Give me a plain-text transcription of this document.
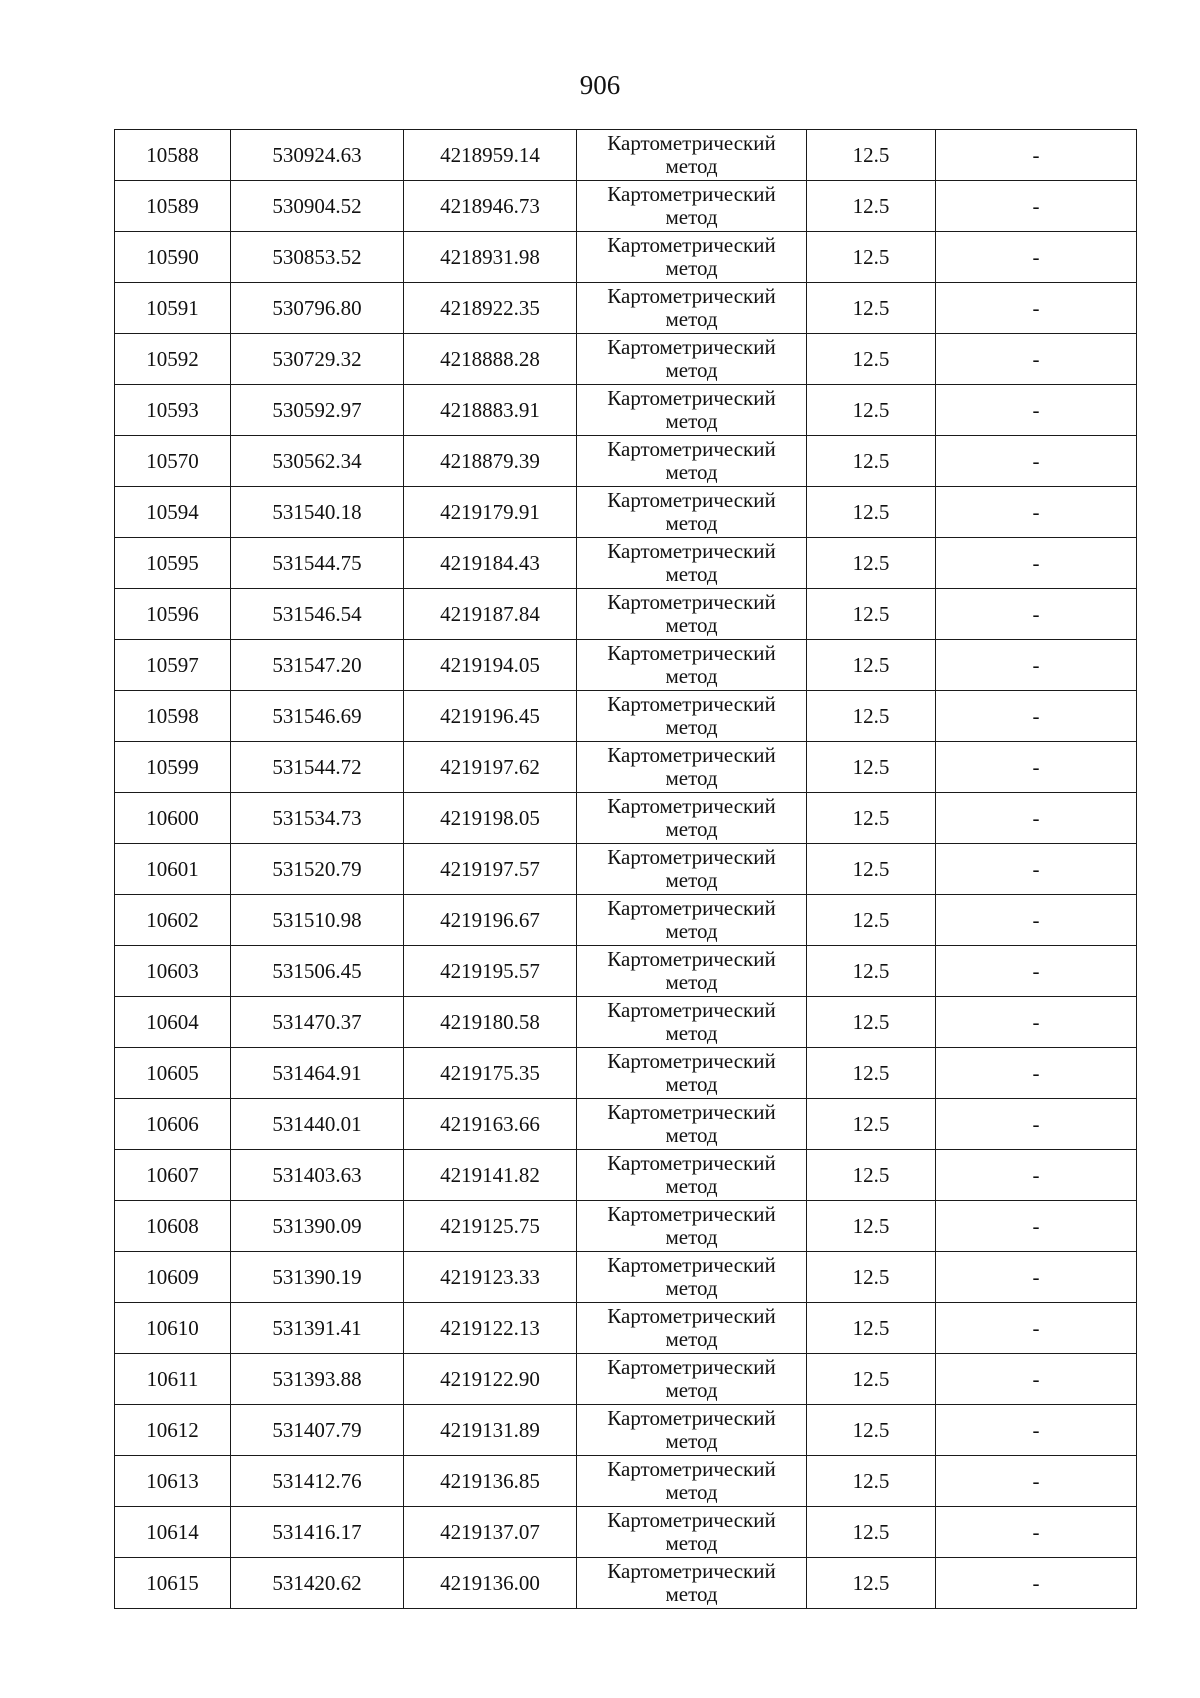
906
10588	530924.63	4218959.14	Картометрический
метод	12.5	-
10589	530904.52	4218946.73	Картометрический
метод	12.5	-
10590	530853.52	4218931.98	Картометрический
метод	12.5	-
10591	530796.80	4218922.35	Картометрический
метод	12.5	-
10592	530729.32	4218888.28	Картометрический
метод	12.5	-
10593	530592.97	4218883.91	Картометрический
метод	12.5	-
10570	530562.34	4218879.39	Картометрический
метод	12.5	-
10594	531540.18	4219179.91	Картометрический
метод	12.5	-
10595	531544.75	4219184.43	Картометрический
метод	12.5	-
10596	531546.54	4219187.84	Картометрический
метод	12.5	-
10597	531547.20	4219194.05	Картометрический
метод	12.5	-
10598	531546.69	4219196.45	Картометрический
метод	12.5	-
10599	531544.72	4219197.62	Картометрический
метод	12.5	-
10600	531534.73	4219198.05	Картометрический
метод	12.5	-
10601	531520.79	4219197.57	Картометрический
метод	12.5	-
10602	531510.98	4219196.67	Картометрический
метод	12.5	-
10603	531506.45	4219195.57	Картометрический
метод	12.5	-
10604	531470.37	4219180.58	Картометрический
метод	12.5	-
10605	531464.91	4219175.35	Картометрический
метод	12.5	-
10606	531440.01	4219163.66	Картометрический
метод	12.5	-
10607	531403.63	4219141.82	Картометрический
метод	12.5	-
10608	531390.09	4219125.75	Картометрический
метод	12.5	-
10609	531390.19	4219123.33	Картометрический
метод	12.5	-
10610	531391.41	4219122.13	Картометрический
метод	12.5	-
10611	531393.88	4219122.90	Картометрический
метод	12.5	-
10612	531407.79	4219131.89	Картометрический
метод	12.5	-
10613	531412.76	4219136.85	Картометрический
метод	12.5	-
10614	531416.17	4219137.07	Картометрический
метод	12.5	-
10615	531420.62	4219136.00	Картометрический
метод	12.5	-
